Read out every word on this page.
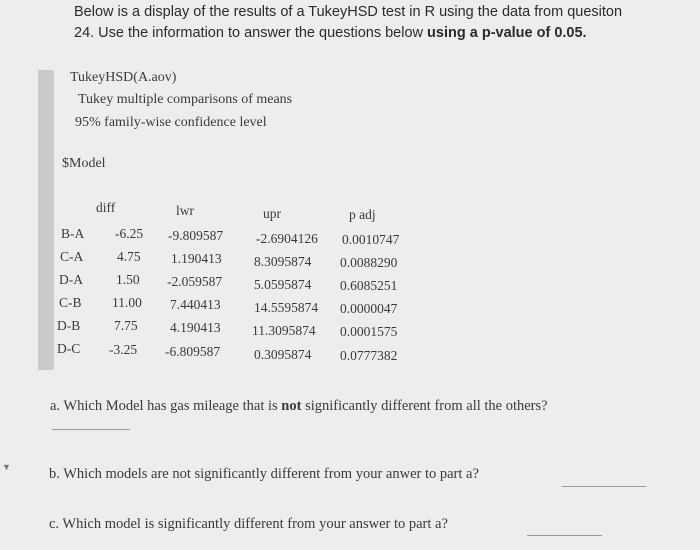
Below is a display of the results of a TukeyHSD test in R using the data from quesiton
24. Use the information to answer the questions below using a p-value of 0.05.
TukeyHSD(A.aov)
Tukey multiple comparisons of means
95% family-wise confidence level
$Model
diff	lwr	upr	p adj
B-A -6.25 -9.809587 -2.6904126 0.0010747
C-A	4.75 1.190413 8.3095874 0.0088290
D-A 1.50 -2.059587 5.0595874 0.6085251
C-B 11.00 7.440413 14.5595874 0.0000047
D-B	7.75 4.190413 11.3095874 0.0001575
D-C -3.25 -6.809587	0.3095874 0.0777382
a. Which Model has gas mileage that is not significantly different from all the others?
▼	b. Which models are not significantly different from your anwer to part a?
c. Which model is significantly different from your answer to part a?
